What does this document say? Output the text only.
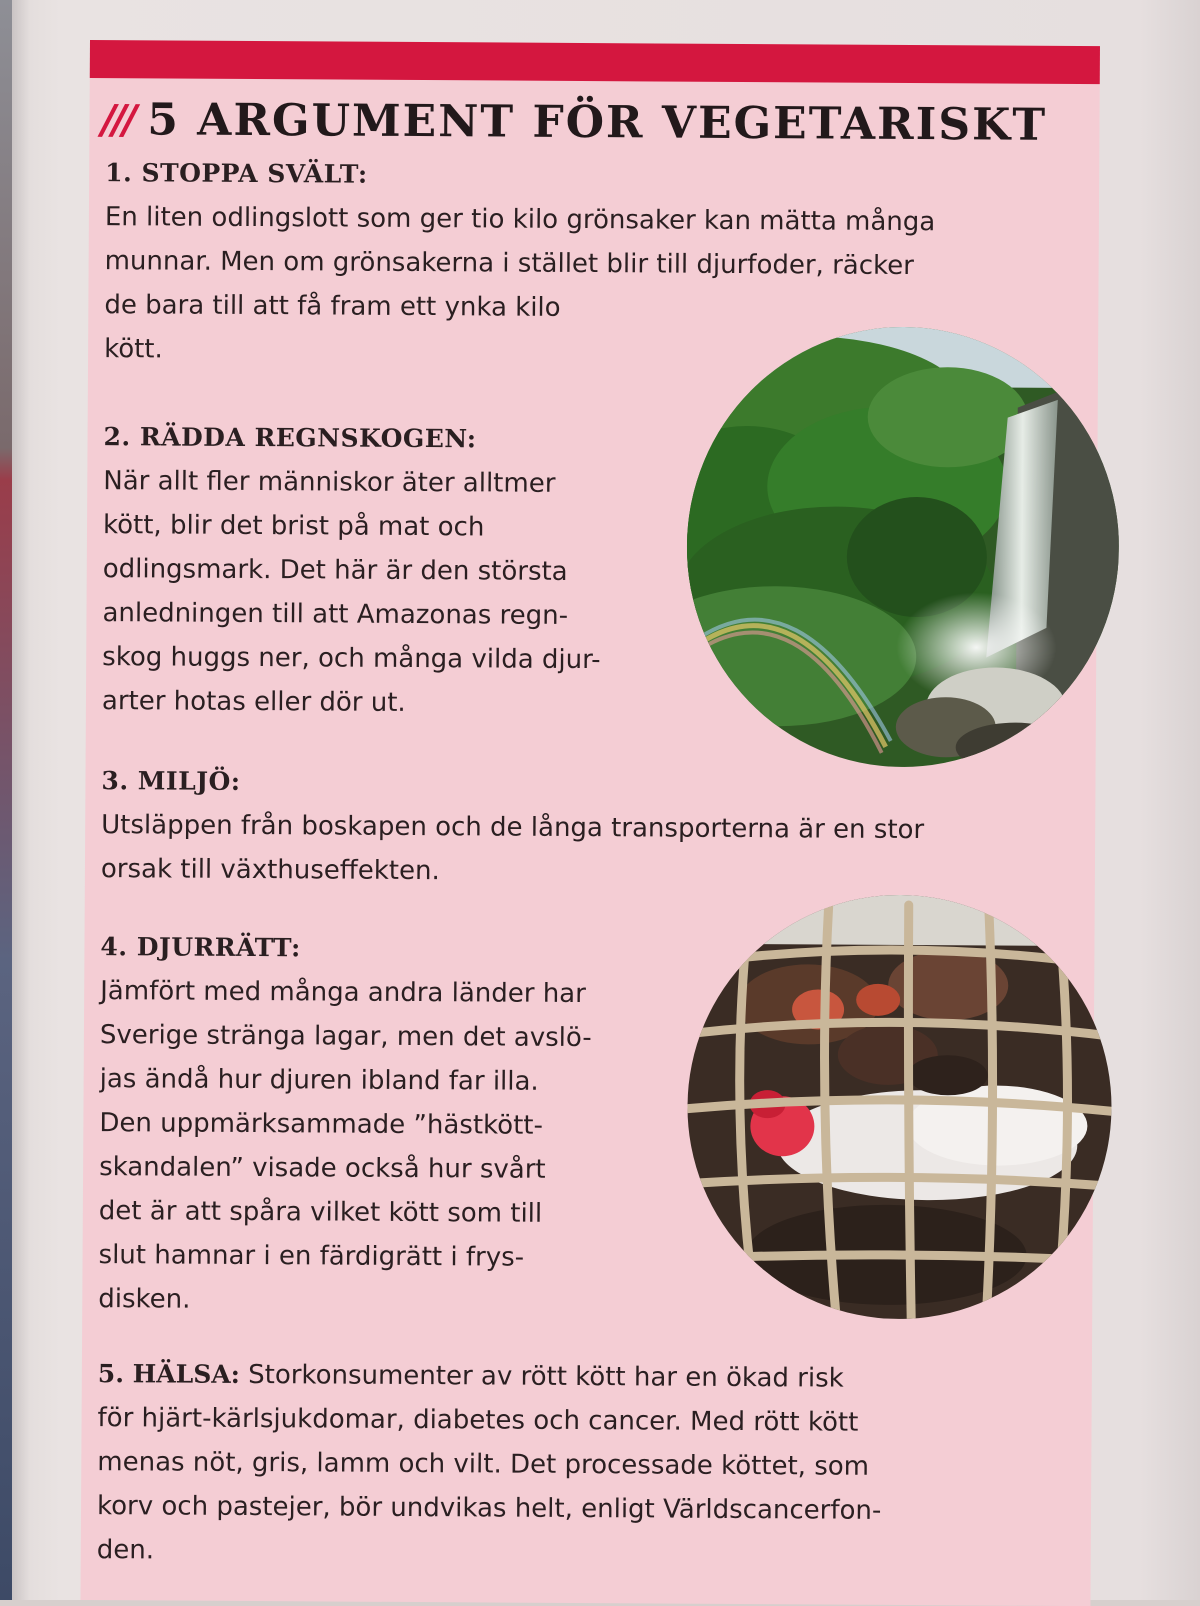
/// 5 ARGUMENT FÖR VEGETARISKT
1. STOPPA SVÄLT:

En liten odlingslott som ger tio kilo grönsaker kan mätta många
munnar. Men om grönsakerna i stället blir till djurfoder, räcker
de bara till att få fram ett ynka kilo
kött.

2. RÄDDA REGNSKOGEN:

När allt fler människor äter alltmer
kött, blir det brist på mat och
odlingsmark. Det här är den största
anledningen till att Amazonas regn-
skog huggs ner, och många vilda djur-
arter hotas eller dör ut.

3. MILJÖ:

Utsläppen från boskapen och de långa transporterna är en stor
orsak till växthuseffekten.

4. DJURRÄTT:

Jämfört med många andra länder har
Sverige stränga lagar, men det avslö-
jas ändå hur djuren ibland far illa.
Den uppmärksammade ”hästkött-
skandalen” visade också hur svårt
det är att spåra vilket kött som till
slut hamnar i en färdigrätt i frys-
disken.

5. HÄLSA: Storkonsumenter av rött kött har en ökad risk
för hjärt-kärlsjukdomar, diabetes och cancer. Med rött kött
menas nöt, gris, lamm och vilt. Det processade köttet, som
korv och pastejer, bör undvikas helt, enligt Världscancerfon-
den.
